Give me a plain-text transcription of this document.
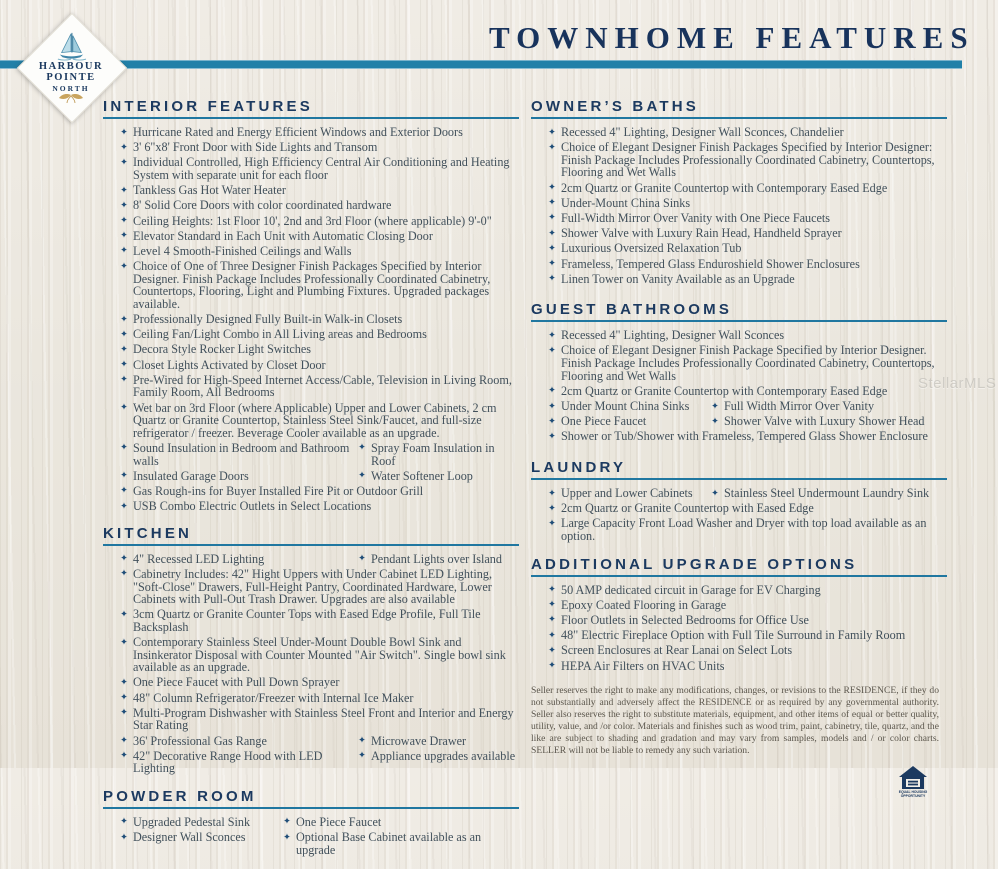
TOWNHOME FEATURES
HARBOUR
POINTE
NORTH
INTERIOR FEATURES
✦ Hurricane Rated and Energy Efficient Windows and Exterior Doors
✦ 3' 6"x8' Front Door with Side Lights and Transom
✦ Individual Controlled, High Efficiency Central Air Conditioning and Heating System with separate unit for each floor
✦ Tankless Gas Hot Water Heater
✦ 8' Solid Core Doors with color coordinated hardware
✦ Ceiling Heights: 1st Floor 10', 2nd and 3rd Floor (where applicable) 9'-0"
✦ Elevator Standard in Each Unit with Automatic Closing Door
✦ Level 4 Smooth-Finished Ceilings and Walls
✦ Choice of One of Three Designer Finish Packages Specified by Interior Designer. Finish Package Includes Professionally Coordinated Cabinetry, Countertops, Flooring, Light and Plumbing Fixtures. Upgraded packages available.
✦ Professionally Designed Fully Built-in Walk-in Closets
✦ Ceiling Fan/Light Combo in All Living areas and Bedrooms
✦ Decora Style Rocker Light Switches
✦ Closet Lights Activated by Closet Door
✦ Pre-Wired for High-Speed Internet Access/Cable, Television in Living Room, Family Room, All Bedrooms
✦ Wet bar on 3rd Floor (where Applicable) Upper and Lower Cabinets, 2 cm Quartz or Granite Countertop, Stainless Steel Sink/Faucet, and full-size refrigerator / freezer. Beverage Cooler available as an upgrade.
✦ Sound Insulation in Bedroom and Bathroom walls
✦ Spray Foam Insulation in Roof
✦ Insulated Garage Doors	✦ Water Softener Loop
✦ Gas Rough-ins for Buyer Installed Fire Pit or Outdoor Grill
✦ USB Combo Electric Outlets in Select Locations
KITCHEN
✦ 4" Recessed LED Lighting	✦ Pendant Lights over Island
✦ Cabinetry Includes: 42" Hight Uppers with Under Cabinet LED Lighting, "Soft-Close" Drawers, Full-Height Pantry, Coordinated Hardware, Lower Cabinets with Pull-Out Trash Drawer. Upgrades are also available
✦ 3cm Quartz or Granite Counter Tops with Eased Edge Profile, Full Tile Backsplash
✦ Contemporary Stainless Steel Under-Mount Double Bowl Sink and Insinkerator Disposal with Counter Mounted "Air Switch". Single bowl sink available as an upgrade.
✦ One Piece Faucet with Pull Down Sprayer
✦ 48" Column Refrigerator/Freezer with Internal Ice Maker
✦ Multi-Program Dishwasher with Stainless Steel Front and Interior and Energy Star Rating
✦ 36' Professional Gas Range	✦ Microwave Drawer
✦ 42" Decorative Range Hood with LED Lighting
✦ Appliance upgrades available
POWDER ROOM
✦ Upgraded Pedestal Sink	✦ One Piece Faucet
✦ Designer Wall Sconces	✦ Optional Base Cabinet available as an upgrade
OWNER’S BATHS
✦ Recessed 4" Lighting, Designer Wall Sconces, Chandelier
✦ Choice of Elegant Designer Finish Packages Specified by Interior Designer: Finish Package Includes Professionally Coordinated Cabinetry, Countertops, Flooring and Wet Walls
✦ 2cm Quartz or Granite Countertop with Contemporary Eased Edge
✦ Under-Mount China Sinks
✦ Full-Width Mirror Over Vanity with One Piece Faucets
✦ Shower Valve with Luxury Rain Head, Handheld Sprayer
✦ Luxurious Oversized Relaxation Tub
✦ Frameless, Tempered Glass Enduroshield Shower Enclosures
✦ Linen Tower on Vanity Available as an Upgrade
GUEST BATHROOMS
✦ Recessed 4" Lighting, Designer Wall Sconces
✦ Choice of Elegant Designer Finish Package Specified by Interior Designer. Finish Package Includes Professionally Coordinated Cabinetry, Countertops, Flooring and Wet Walls
✦ 2cm Quartz or Granite Countertop with Contemporary Eased Edge
✦ Under Mount China Sinks	✦ Full Width Mirror Over Vanity
✦ One Piece Faucet	✦ Shower Valve with Luxury Shower Head
✦ Shower or Tub/Shower with Frameless, Tempered Glass Shower Enclosure
LAUNDRY
✦ Upper and Lower Cabinets	✦ Stainless Steel Undermount Laundry Sink
✦ 2cm Quartz or Granite Countertop with Eased Edge
✦ Large Capacity Front Load Washer and Dryer with top load available as an option.
ADDITIONAL UPGRADE OPTIONS
✦ 50 AMP dedicated circuit in Garage for EV Charging
✦ Epoxy Coated Flooring in Garage
✦ Floor Outlets in Selected Bedrooms for Office Use
✦ 48" Electric Fireplace Option with Full Tile Surround in Family Room
✦ Screen Enclosures at Rear Lanai on Select Lots
✦ HEPA Air Filters on HVAC Units

Seller reserves the right to make any modifications, changes, or revisions to the RESIDENCE, if they do not substantially and adversely affect the RESIDENCE or as required by any governmental authority. Seller also reserves the right to substitute materials, equipment, and other items of equal or better quality, utility, value, and /or color. Materials and finishes such as wood trim, paint, cabinetry, tile, quartz, and the like are subject to shading and gradation and may vary from samples, models and / or color charts. SELLER will not be liable to remedy any such variation.

EQUAL HOUSING
OPPORTUNITY
StellarMLS
